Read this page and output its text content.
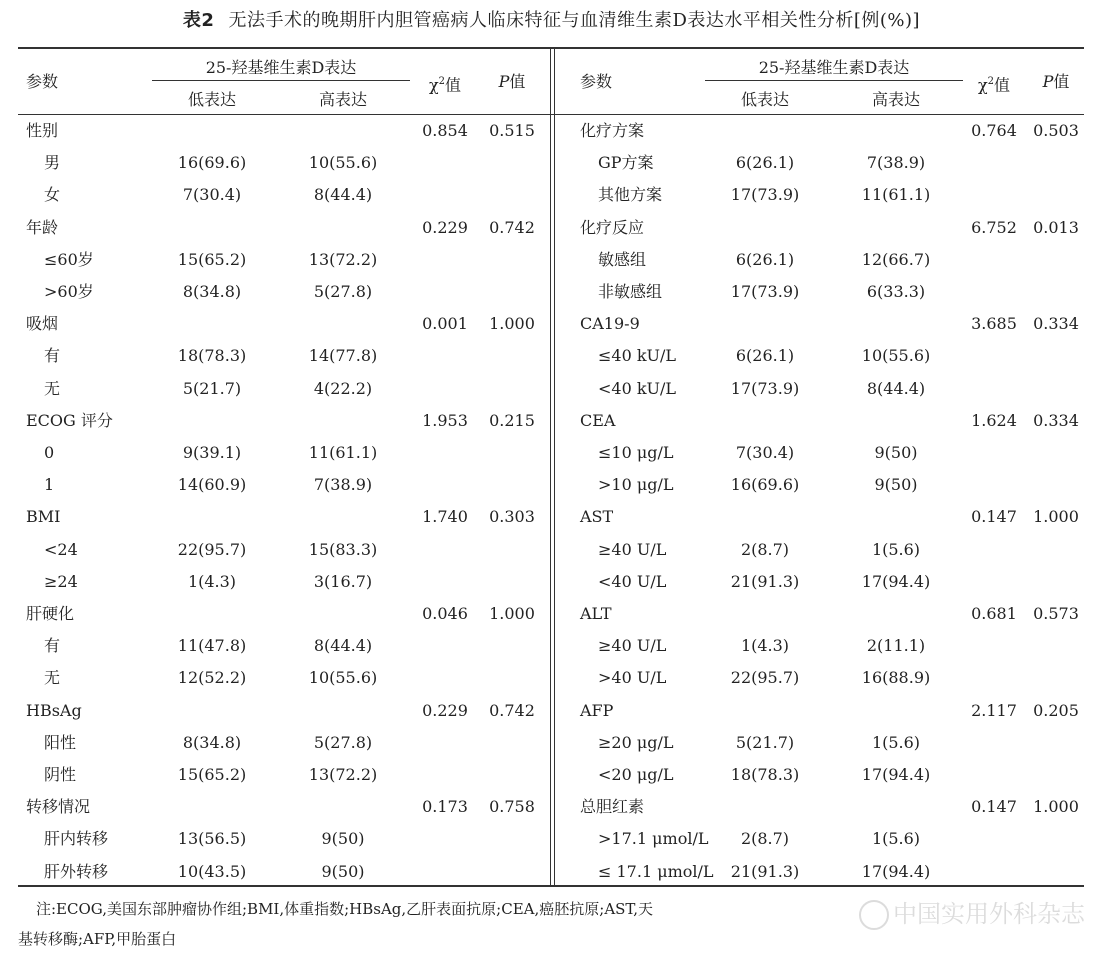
表2 无法手术的晚期肝内胆管癌病人临床特征与血清维生素D表达水平相关性分析[例(%)]
参数
25-羟基维生素D表达
低表达	高表达
$\chi^2$值	P值	参数
25-羟基维生素D表达
低表达	高表达
$\chi^2$值	P值
性别	0.854	0.515
男	16(69.6)	10(55.6)
女	7(30.4)	8(44.4)
年龄	0.229	0.742
≤60岁	15(65.2)	13(72.2)
>60岁	8(34.8)	5(27.8)
吸烟	0.001	1.000
有	18(78.3)	14(77.8)
无	5(21.7)	4(22.2)
ECOG 评分	1.953	0.215
0	9(39.1)	11(61.1)
1	14(60.9)	7(38.9)
BMI	1.740	0.303
<24	22(95.7)	15(83.3)
≥24	1(4.3)	3(16.7)
肝硬化	0.046	1.000
有	11(47.8)	8(44.4)
无	12(52.2)	10(55.6)
HBsAg	0.229	0.742
阳性	8(34.8)	5(27.8)
阴性	15(65.2)	13(72.2)
转移情况	0.173	0.758
肝内转移	13(56.5)	9(50)
肝外转移	10(43.5)	9(50)
化疗方案	0.764	0.503
GP方案	6(26.1)	7(38.9)
其他方案	17(73.9)	11(61.1)
化疗反应	6.752	0.013
敏感组	6(26.1)	12(66.7)
非敏感组	17(73.9)	6(33.3)
CA19-9	3.685	0.334
≤40 kU/L	6(26.1)	10(55.6)
<40 kU/L	17(73.9)	8(44.4)
CEA	1.624	0.334
≤10 μg/L	7(30.4)	9(50)
>10 μg/L	16(69.6)	9(50)
AST	0.147	1.000
≥40 U/L	2(8.7)	1(5.6)
<40 U/L	21(91.3)	17(94.4)
ALT	0.681	0.573
≥40 U/L	1(4.3)	2(11.1)
>40 U/L	22(95.7)	16(88.9)
AFP	2.117	0.205
≥20 μg/L	5(21.7)	1(5.6)
<20 μg/L	18(78.3)	17(94.4)
总胆红素	0.147	1.000
>17.1 μmol/L	2(8.7)	1(5.6)
≤ 17.1 μmol/L	21(91.3)	17(94.4)
注:ECOG,美国东部肿瘤协作组;BMI,体重指数;HBsAg,乙肝表面抗原;CEA,癌胚抗原;AST,天
基转移酶;AFP,甲胎蛋白
中国实用外科杂志
